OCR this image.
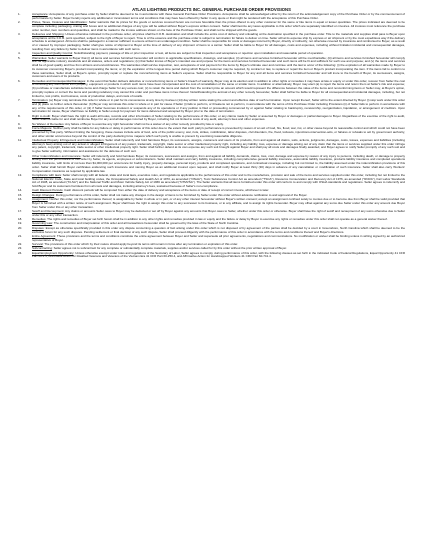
ATLAS LIGHTING PRODUCTS INC. GENERAL PURCHASE ORDER PROVISIONS
1.	Acceptance: Acceptance of any purchase order by Seller shall be deemed to be in accordance with these General Purchase Order Provisions. Acceptance shall be acknowledged either by the return of the acknowledgement copy of the Purchase Order or by the commencement of performance by Seller. Buyer hereby rejects any additional or inconsistent terms and conditions that may have been offered by Seller in any quote or that might be tendered with the acceptance of this Purchase Order.
2.	Prices, Taxes, Invoices and Identification: Seller warrants that its prices for the goods or services covered herein are not less favorable than the prices offered to any other customer for the same or like items in equal or lesser quantities. The prices indicated are deemed to be complete including packaging, crating and boxes and no additional charges of any type will be added without Buyer's express written consent. Seller shall itemize any taxes applicable to this order which are separately identified on invoices. All invoices must reference the purchase order number, item numbers and quantities, and shall be mailed to the invoice address shown on the face of the Purchase Order, and shall not be shipped with the goods.
3.	Deliveries and Shipping: Unless otherwise indicated in the purchase order, all prices shall be F.O.B. destination and shall include the entire cost of delivery and unloading at the destination specified in the purchase order. Title to the materials and supplies shall pass to Buyer upon acceptance at the F.O.B. point specified, subject to the right of Buyer to reject. Time is of the essence and the purchase order is subject to termination for failure to deliver on time. Seller will at its expense ship by express or air shipment or by the most expeditious way if the delivery schedule is endangered. All items shall be packaged in a manner sufficient to ensure arrival in an undamaged condition. Seller shall be responsible for costs or damages incurred by Buyer, directly or indirectly, not otherwise covered by insurance and reimbursed to Buyer, as a result of or caused by improper packaging. Seller shall give notice of shipment to Buyer at the time of delivery of any shipment of items to a carrier. Seller shall be liable to Buyer for all damages, costs and expenses, including without limitation incidental and consequential damages, resulting from any failure by Seller to deliver items in accordance with such terms.
4.	Inspection and Quality Control: Notwithstanding payment, passage of title or prior inspection or test, all items are subject to final inspection and acceptance or rejection upon installation and reasonable period of operation.
5.	Warranties: Seller warrants to Buyer that (i) all items and services furnished hereunder will conform to applicable specifications, drawings, and samples; (ii) all items and services furnished hereunder will be merchantable; (iii) all items and services furnished hereunder will comply with all applicable industry standards and all statutes, orders and regulations; (iv) that Seller knows of Buyer's intended use and purpose for the items and services furnished hereunder and such items will be fit and sufficient for such use and purpose; and (v) the items and services shall be of good quality and free from all liens and encumbrances. The warranties shall survive inspection, test, acceptance of and payment for the items by Buyer's ultimate user and continue until the last to occur of the following: (i) the expiration of all warranties made by Buyer to its customer concerning Buyer's product incorporating the items; or (ii) the expiration of the longest time period during which Buyer's customer may be required, by contract or law, to replace or repair the item or Buyer's product incorporating the item. If the items fail to conform to these warranties, Seller shall, at Buyer's option, promptly repair or replace the nonconforming items at Seller's expense. Seller shall be responsible to Buyer for any and all items and services furnished hereunder and will inure to the benefit of Buyer, its successors, assigns, customers and users of its products.
6.	Remedies and Consequential Damages: In the event that Seller delivers defective or nonconforming items or Seller's breach of warranty, Buyer may at its election and in addition to other rights or remedies it may have at law or equity or under this order, recover from Seller the cost of removing any such items from property, equipment or products in which such items have been incorporated and the cost of reinstallation of the same or similar items. In addition or alternatively, Buyer may elect (a) to reject the items and return them at Seller's risk and expense; (b) purchase or manufacture substitute items and charge Seller for any excess cost; (c) to retain the items and deduct from the contract price an amount which would represent the difference between the value of the items and nonconforming items or Seller may, at Buyer's option, promptly replace or correct the items and pending redelivery may cancel this order and purchase items in lieu thereof. Notwithstanding the accrual of any other remedy hereunder, Seller shall further be liable to Buyer for all consequential and incidental damages, including, but not limited to, lost profits, lost business, costs of production delays, and costs of recalls.
7.	Termination: (a) Buyer may terminate this order in whole or in part for its convenience at any time by fourteen (14) day written notice stating the extent and effective date of such termination. Upon receipt thereof, Seller will to the extent directed by Buyer (i) stop work under this order and (ii) place no further orders thereunder. (b) Buyer may terminate this order in whole or in part for cause if Seller (i) fails to perform, or threatens not to perform, in accordance with the terms of this Purchase Order including Provisions (ii) of Seller fails to perform in accordance with any of the requirements of this order, or (iii) if Seller becomes insolvent or suspends any of its operations or if any petition is filed or proceeding commenced by or against Seller relating to bankruptcy, receivership, reorganization, liquidation, or arrangement of creditors. Upon termination for cause, Buyer shall have no liability to Seller except for payment for items delivered and accepted by Buyer prior to the date of termination.
8.	Right to Audit: Buyer shall have the right to audit all books, records and other information of Seller relating to the performance of this order, or any claims made by Seller or asserted by Buyer or damages or partial damages to Buyer. Regardless of the exercise of the right to audit, Seller shall be liable for and shall reimburse Buyer for any and all damages incurred by Buyer, including but not limited to costs of any audit, attorney's fees and other expenses.
9.	No Waiver of Remedies: Any failure of Buyer to exercise any right hereunder shall not be a waiver of any other remedy provided by law or equity.
10.	Force Majeure: Neither party shall be liable for any failure or delay in performance of this order due to the extent that such party's performance is prevented by reason of an act of God, fire, flood, war, riot, or other cause beyond its reasonable control and which could not have been prevented by that party. Without limiting the foregoing, these causes include acts of God, acts of the public enemy, war, riots, strikes, mobilization, labor disputes, civil disorders, fire, flood, lockouts, injunctions-intervention-acts, or failures or refusals to act by government authority, and other similar occurrences beyond the control of the party declaring force majeure which such party is unable to prevent by exercising reasonable diligence.
11.	Intellectual Property Infringement and Indemnification: Seller shall indemnify and hold harmless Buyer, its successors, assigns, customers and users of its products, from and against all claims, suits, actions, judgments, damages, costs, losses, expenses and liabilities (including attorney's fees) arising out of any actual or alleged infringement of any patent, trademark, copyright, trade secret or other intellectual property right, including any liability, loss, expense or damage arising out of any claim that the items or services supplied under this order infringe any patent, copyright, trademark, trade secret or other intellectual property right. Seller shall further defend at its own expense any such suit brought against Buyer and shall pay all costs and damages finally awarded, and Buyer agrees to notify Seller promptly of any such suit and to give Seller authority, information and assistance for the defense of such suit.
12.	Other Indemnification and Insurance: Seller will indemnify and hold harmless Buyer, its customers, successors and assigns, from and against all liability, demands, claims, loss, cost, damage and expense by reason of any injury to persons, including death, or damage to property arising from the performance of this order by Seller, its agents, employees or subcontractors. Seller shall maintain and carry liability insurance, including comprehensive general liability insurance, automobile liability insurance, products liability insurance and completed operations liability insurance, with limits of not less than $1,000,000 per occurrence for bodily injury, property damage, personal injury, products and completed operations, and contractual coverage, including but not limited to, the liability assumed under the indemnification provisions of this order. Seller shall furnish Buyer certificates evidencing such insurance and naming Buyer as an additional insured upon request, and shall notify Buyer at least thirty (30) days in advance of any cancellation or modification of such insurance. Seller shall also carry Workers' Compensation insurance as required by applicable law.
13.	Compliance with laws: Seller shall comply with all federal, state and local laws, executive rules, and regulations applicable to the performance of this order and to the manufacture, provision and sale of the items and services supplied under this order, including but not limited to the National Electric Code, State and local building codes, the Occupational Safety and Health Act of 1970, as amended ("OSHA"), Toxic Substances Control Act as amended ("TSCA"), Resource Conservation and Recovery Act of 1976, as amended ("RCRA"), Fair Labor Standards Act of 1938, as amended ("FLSA") and the National Traffic and Motor Vehicle Safety Act of 1966 as amended ("NTMVSA"). The Seller warrants that all items furnished under this order will conform to and comply with OSHA standards and regulations. Seller agrees to indemnify and hold Buyer and its customers harmless from all costs and damages, including attorney's fees, sustained because of Seller's non-compliance.
14.	Cash Discount Periods: Cash discount periods will be computed from either the date of delivery and acceptance of the items or date of receipt of correct invoice, whichever is later.
15.	Design Changes: During performance of this order, Seller shall not make any changes in the design of items to be furnished by Seller under this order without advance notification to and approval of the Buyer.
16.	Assignment: Neither this order, nor the performance thereof, is assignable by Seller in whole or in part, or of any other interest hereunder without Buyer's written consent; except an assignment confined solely to monies due or to become due from Buyer shall be valid provided that Buyer is furnished with a written notice of such assignment. Buyer shall have the right to assign this order to any successor to its business, or to any affiliate, and to assign its rights hereunder. Buyer may offset against any sums due Seller under this order any amount due Buyer from Seller under this or any other transaction.
17.	Setoff and Recoupment: Any claims or amounts Seller owes to Buyer may be deducted or set off by Buyer against any amounts that Buyer owes to Seller, whether under this order or otherwise. Buyer shall have the right of setoff and recoupment of any sums otherwise due to Seller under this or any other transaction.
18.	Remedies: The rights and remedies of Buyer set forth herein shall be in addition to any other rights and remedies provided in law or equity and the failure or delay by Buyer to exercise any rights or remedies under this order shall not operate as a general waiver thereof.
19.	Governing Law: The construction and interpretation of this order and all transactions hereunder shall be governed by the laws of the State of North Carolina.
20.	Disputes: Except as otherwise specifically provided in this order any dispute concerning a question of fact arising under this order which is not disposed of by agreement of the parties shall be decided by a court in Greensboro, North Carolina which shall be deemed to be the exclusive forum for any such disputes. Pending settlement or final decision of any such dispute, Seller shall proceed diligently with the performance of this order in accordance with the terms and conditions thereof and Buyer's directions.
21.	Entire Agreement: These provisions and the terms and conditions constitute the entire agreement between Buyer and Seller and supersede all prior agreements, negotiations and communications. No modification or waiver shall be binding unless in writing signed by an authorized representative of Buyer.
22.	Survival: The provisions of this order which by their nature should apply beyond its terms will remain in force after any termination or expiration of this order.
23.	Subcontracting: Seller agrees not to subcontract for any complete or substantially complete materials, supplies and/or services called for by this order without the prior written approval of Buyer.
24.	Equal Employment Opportunity: Unless otherwise exempt under rules and regulations of the Secretary of Labor, Seller agrees to comply, during performance of this order, with the following clauses as set forth in the indicated Code of Federal Regulations, Equal Opportunity 41 CFR Part 60-1.4, Affirmative Action for Disabled Veterans and Veterans of the Vietnam Era 41 CFR Part 60-250.4, and Affirmative Action for Handicapped Workers 41 CFR Part 60-741.4.
